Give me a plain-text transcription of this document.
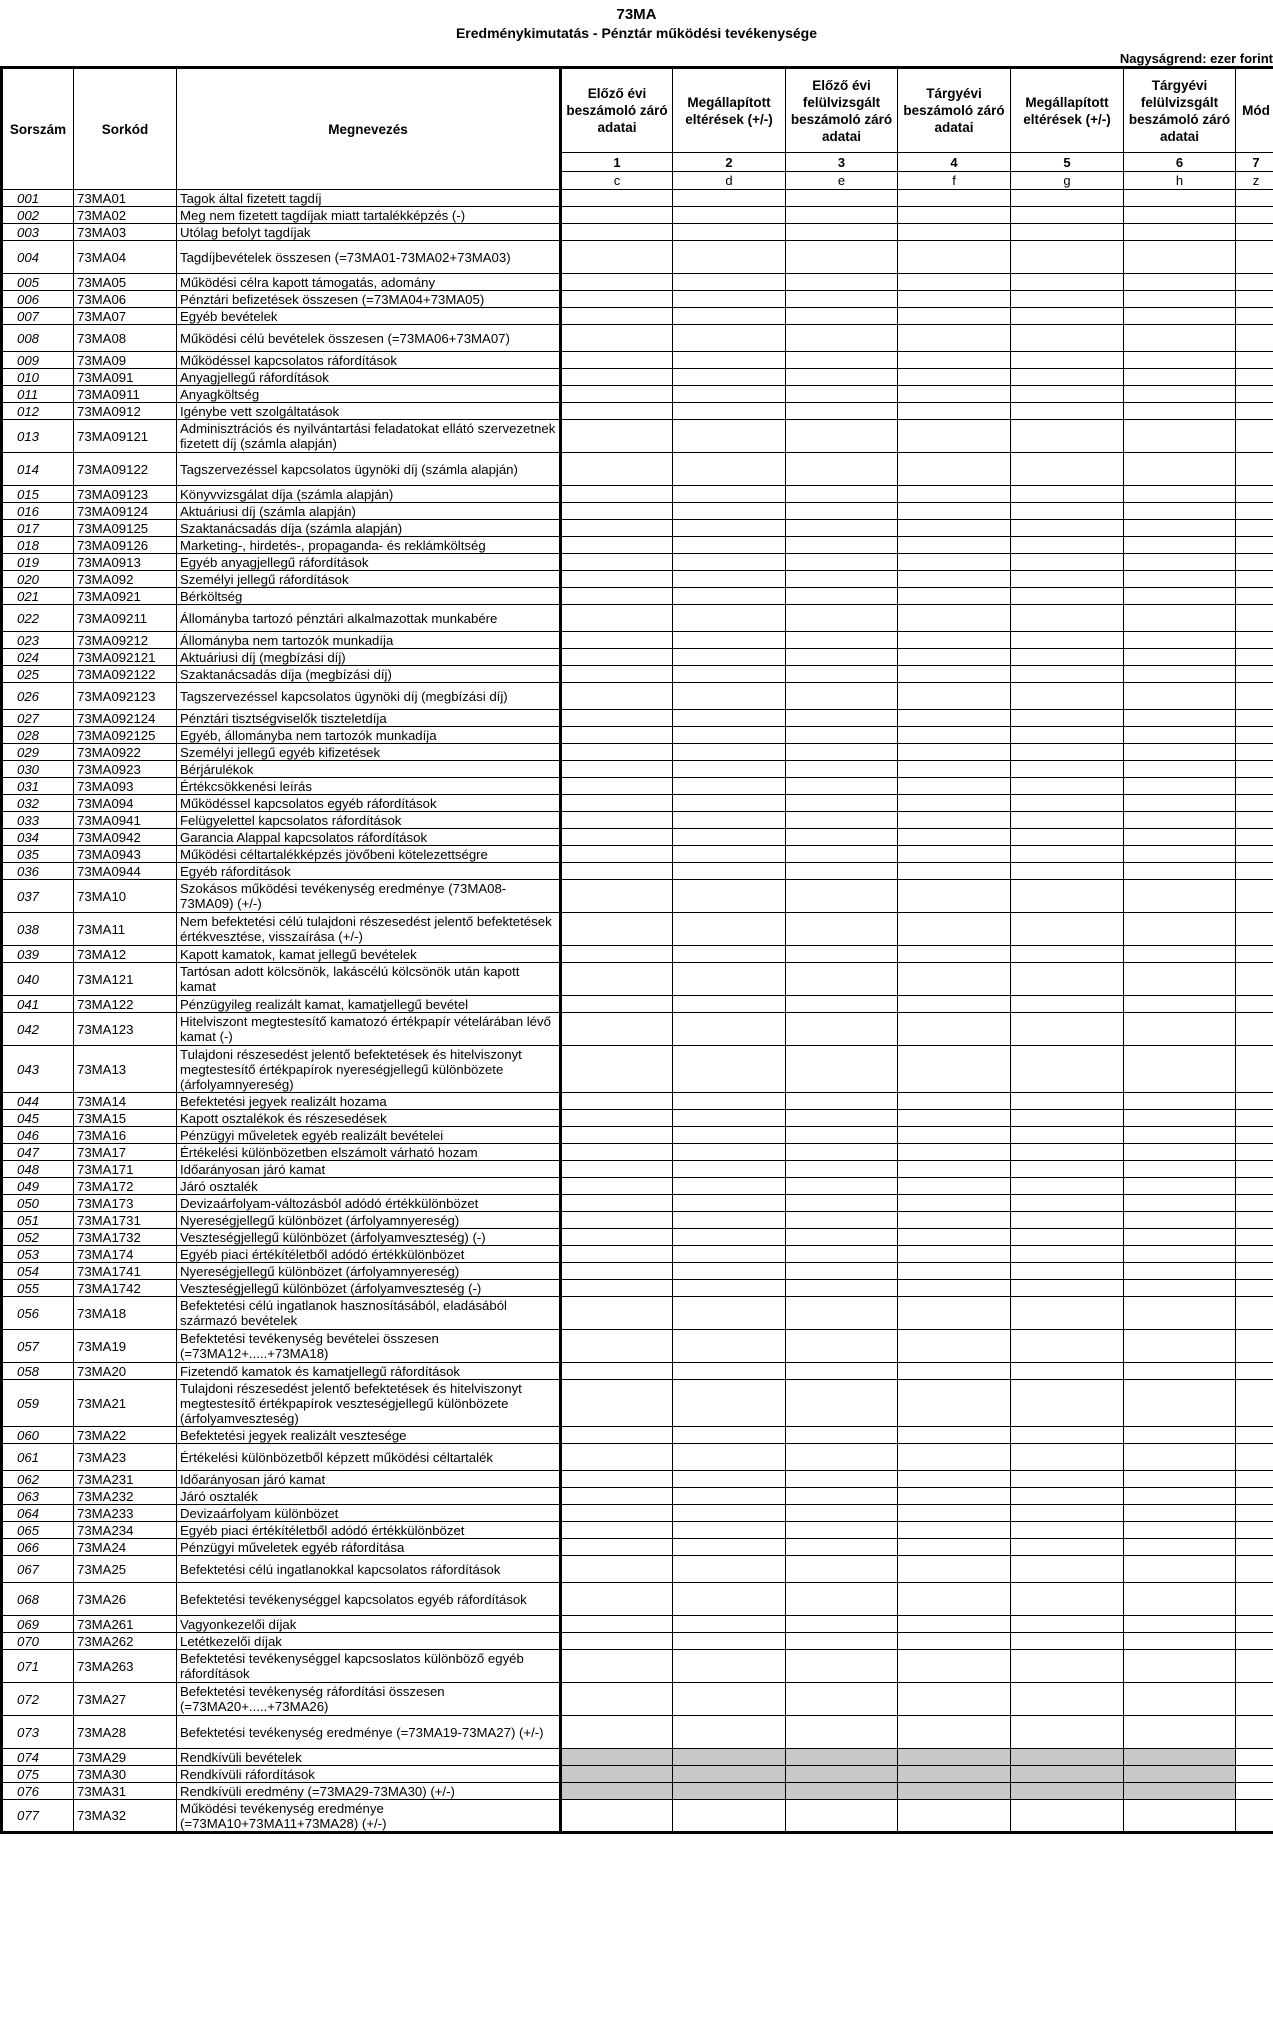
73MA
Eredménykimutatás - Pénztár működési tevékenysége
Nagyságrend: ezer forint
Sorszám	Sorkód	Megnevezés	Előző évi beszámoló záró adatai	Megállapított eltérések (+/-)	Előző évi felülvizsgált beszámoló záró adatai	Tárgyévi beszámoló záró adatai	Megállapított eltérések (+/-)	Tárgyévi felülvizsgált beszámoló záró adatai	Mód
			1	2	3	4	5	6	7
			c	d	e	f	g	h	z
001	73MA01	Tagok által fizetett tagdíj							
002	73MA02	Meg nem fizetett tagdíjak miatt tartalékképzés (-)							
003	73MA03	Utólag befolyt tagdíjak							
004	73MA04	Tagdíjbevételek összesen (=73MA01-73MA02+73MA03)							
005	73MA05	Működési célra kapott támogatás, adomány							
006	73MA06	Pénztári befizetések összesen (=73MA04+73MA05)							
007	73MA07	Egyéb bevételek							
008	73MA08	Működési célú bevételek összesen (=73MA06+73MA07)							
009	73MA09	Működéssel kapcsolatos ráfordítások							
010	73MA091	Anyagjellegű ráfordítások							
011	73MA0911	Anyagköltség							
012	73MA0912	Igénybe vett szolgáltatások							
013	73MA09121	Adminisztrációs és nyilvántartási feladatokat ellátó szervezetnek fizetett díj (számla alapján)							
014	73MA09122	Tagszervezéssel kapcsolatos ügynöki díj (számla alapján)							
015	73MA09123	Könyvvizsgálat díja (számla alapján)							
016	73MA09124	Aktuáriusi díj (számla alapján)							
017	73MA09125	Szaktanácsadás díja (számla alapján)							
018	73MA09126	Marketing-, hirdetés-, propaganda- és reklámköltség							
019	73MA0913	Egyéb anyagjellegű ráfordítások							
020	73MA092	Személyi jellegű ráfordítások							
021	73MA0921	Bérköltség							
022	73MA09211	Állományba tartozó pénztári alkalmazottak munkabére							
023	73MA09212	Állományba nem tartozók munkadíja							
024	73MA092121	Aktuáriusi díj (megbízási díj)							
025	73MA092122	Szaktanácsadás díja (megbízási díj)							
026	73MA092123	Tagszervezéssel kapcsolatos ügynöki díj (megbízási díj)							
027	73MA092124	Pénztári tisztségviselők tiszteletdíja							
028	73MA092125	Egyéb, állományba nem tartozók munkadíja							
029	73MA0922	Személyi jellegű egyéb kifizetések							
030	73MA0923	Bérjárulékok							
031	73MA093	Értékcsökkenési leírás							
032	73MA094	Működéssel kapcsolatos egyéb ráfordítások							
033	73MA0941	Felügyelettel kapcsolatos ráfordítások							
034	73MA0942	Garancia Alappal kapcsolatos ráfordítások							
035	73MA0943	Működési céltartalékképzés jövőbeni kötelezettségre							
036	73MA0944	Egyéb ráfordítások							
037	73MA10	Szokásos működési tevékenység eredménye (73MA08-73MA09) (+/-)							
038	73MA11	Nem befektetési célú tulajdoni részesedést jelentő befektetések értékvesztése, visszaírása (+/-)							
039	73MA12	Kapott kamatok, kamat jellegű bevételek							
040	73MA121	Tartósan adott kölcsönök, lakáscélú kölcsönök után kapott kamat							
041	73MA122	Pénzügyileg realizált kamat, kamatjellegű bevétel							
042	73MA123	Hitelviszont megtestesítő kamatozó értékpapír vételárában lévő kamat (-)							
043	73MA13	Tulajdoni részesedést jelentő befektetések és hitelviszonyt megtestesítő értékpapírok nyereségjellegű különbözete (árfolyamnyereség)							
044	73MA14	Befektetési jegyek realizált hozama							
045	73MA15	Kapott osztalékok és részesedések							
046	73MA16	Pénzügyi műveletek egyéb realizált bevételei							
047	73MA17	Értékelési különbözetben elszámolt várható hozam							
048	73MA171	Időarányosan járó kamat							
049	73MA172	Járó osztalék							
050	73MA173	Devizaárfolyam-változásból adódó értékkülönbözet							
051	73MA1731	Nyereségjellegű különbözet (árfolyamnyereség)							
052	73MA1732	Veszteségjellegű különbözet (árfolyamveszteség) (-)							
053	73MA174	Egyéb piaci értékítéletből adódó értékkülönbözet							
054	73MA1741	Nyereségjellegű különbözet (árfolyamnyereség)							
055	73MA1742	Veszteségjellegű különbözet (árfolyamveszteség (-)							
056	73MA18	Befektetési célú ingatlanok hasznosításából, eladásából származó bevételek							
057	73MA19	Befektetési tevékenység bevételei összesen (=73MA12+.....+73MA18)							
058	73MA20	Fizetendő kamatok és kamatjellegű ráfordítások							
059	73MA21	Tulajdoni részesedést jelentő befektetések és hitelviszonyt megtestesítő értékpapírok veszteségjellegű különbözete (árfolyamveszteség)							
060	73MA22	Befektetési jegyek realizált vesztesége							
061	73MA23	Értékelési különbözetből képzett működési céltartalék							
062	73MA231	Időarányosan járó kamat							
063	73MA232	Járó osztalék							
064	73MA233	Devizaárfolyam különbözet							
065	73MA234	Egyéb piaci értékítéletből adódó értékkülönbözet							
066	73MA24	Pénzügyi műveletek egyéb ráfordítása							
067	73MA25	Befektetési célú ingatlanokkal kapcsolatos ráfordítások							
068	73MA26	Befektetési tevékenységgel kapcsolatos egyéb ráfordítások							
069	73MA261	Vagyonkezelői díjak							
070	73MA262	Letétkezelői díjak							
071	73MA263	Befektetési tevékenységgel kapcsoslatos különböző egyéb ráfordítások							
072	73MA27	Befektetési tevékenység ráfordítási összesen (=73MA20+.....+73MA26)							
073	73MA28	Befektetési tevékenység eredménye (=73MA19-73MA27) (+/-)							
074	73MA29	Rendkívüli bevételek							
075	73MA30	Rendkívüli ráfordítások							
076	73MA31	Rendkívüli eredmény (=73MA29-73MA30) (+/-)							
077	73MA32	Működési tevékenység eredménye (=73MA10+73MA11+73MA28) (+/-)							
